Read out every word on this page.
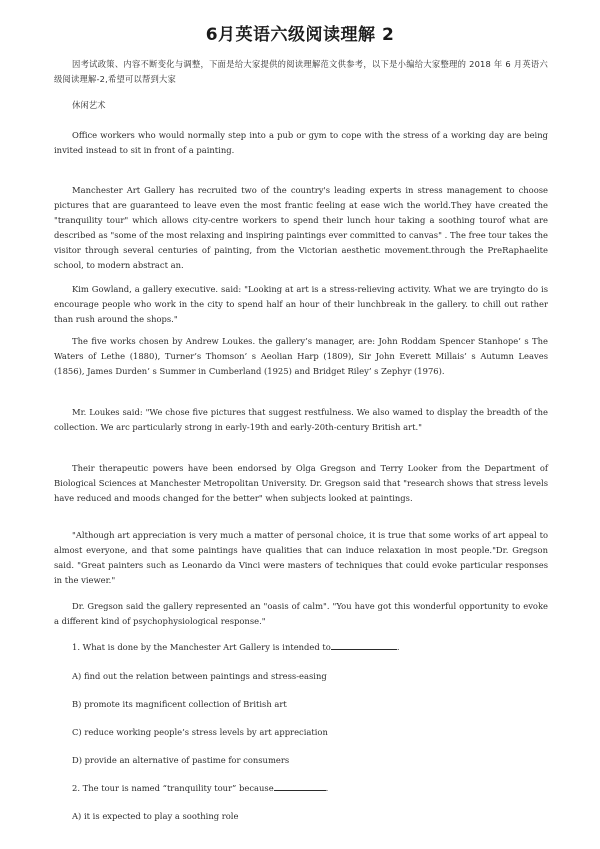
6月英语六级阅读理解 2

因考试政策、内容不断变化与调整，下面是给大家提供的阅读理解范文供参考，以下是小编给大家整理的 2018 年 6 月英语六级阅读理解-2,希望可以帮到大家

休闲艺术

Office workers who would normally step into a pub or gym to cope with the stress of a working day are being invited instead to sit in front of a painting.

Manchester Art Gallery has recruited two of the country's leading experts in stress management to choose pictures that are guaranteed to leave even the most frantic feeling at ease wich the world.They have created the "tranquility tour" which allows city-centre workers to spend their lunch hour taking a soothing tourof what are described as "some of the most relaxing and inspiring paintings ever committed to canvas" . The free tour takes the visitor through several centuries of painting, from the Victorian aesthetic movement.through the PreRaphaelite school, to modern abstract an.

Kim Gowland, a gallery executive. said: "Looking at art is a stress-relieving activity. What we are tryingto do is encourage people who work in the city to spend half an hour of their lunchbreak in the gallery. to chill out rather than rush around the shops."

The five works chosen by Andrew Loukes. the gallery’s manager, are: John Roddam Spencer Stanhope’ s The Waters of Lethe (1880), Turner’s Thomson’ s Aeolian Harp (1809), Sir John Everett Millais’ s Autumn Leaves (1856), James Durden’ s Summer in Cumberland (1925) and Bridget Riley’ s Zephyr (1976).

Mr. Loukes said: "We chose five pictures that suggest restfulness. We also wamed to display the breadth of the collection. We arc particularly strong in early-19th and early-20th-century British art."

Their therapeutic powers have been endorsed by Olga Gregson and Terry Looker from the Department of Biological Sciences at Manchester Metropolitan University. Dr. Gregson said that "research shows that stress levels have reduced and moods changed for the better" when subjects looked at paintings.

"Although art appreciation is very much a matter of personal choice, it is true that some works of art appeal to almost everyone, and that some paintings have qualities that can induce relaxation in most people."Dr. Gregson said. "Great painters such as Leonardo da Vinci were masters of techniques that could evoke particular responses in the viewer."

Dr. Gregson said the gallery represented an "oasis of calm". "You have got this wonderful opportunity to evoke a different kind of psychophysiological response."

1. What is done by the Manchester Art Gallery is intended to	.

A) find out the relation between paintings and stress-easing

B) promote its magnificent collection of British art

C) reduce working people’s stress levels by art appreciation

D) provide an alternative of pastime for consumers

2. The tour is named “tranquility tour” because	.

A) it is expected to play a soothing role
